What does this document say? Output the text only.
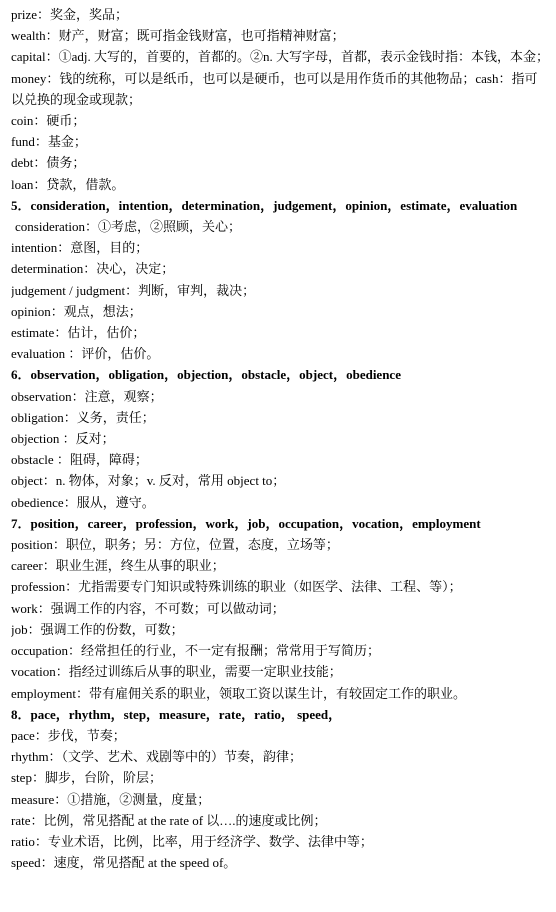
prize：奖金，奖品；
wealth：财产，财富；既可指金钱财富，也可指精神财富；
capital：①adj. 大写的，首要的，首都的。②n. 大写字母，首都，表示金钱时指：本钱，本金；
money：钱的统称，可以是纸币，也可以是硬币，也可以是用作货币的其他物品；cash：指可以兑换的现金或现款；
coin：硬币；
fund：基金；
debt：债务；
loan：贷款，借款。
5．consideration，intention，determination，judgement，opinion，estimate，evaluation
consideration：①考虑，②照顾，关心；
intention：意图，目的；
determination：决心，决定；
judgement / judgment：判断，审判，裁决；
opinion：观点，想法；
estimate：估计，估价；
evaluation ：评价，估价。
6．observation，obligation，objection，obstacle，object，obedience
observation：注意，观察；
obligation：义务，责任；
objection ：反对；
obstacle ：阻碍，障碍；
object：n. 物体，对象；v. 反对，常用 object to；
obedience：服从，遵守。
7．position，career，profession，work，job，occupation，vocation，employment
position：职位，职务；另：方位，位置，态度，立场等；
career：职业生涯，终生从事的职业；
profession：尤指需要专门知识或特殊训练的职业（如医学、法律、工程、等）；
work：强调工作的内容，不可数；可以做动词；
job：强调工作的份数，可数；
occupation：经常担任的行业，不一定有报酬；常常用于写简历；
vocation：指经过训练后从事的职业，需要一定职业技能；
employment：带有雇佣关系的职业，领取工资以谋生计，有较固定工作的职业。
8．pace，rhythm，step，measure，rate，ratio， speed，
pace：步伐，节奏；
rhythm：（文学、艺术、戏剧等中的）节奏，韵律；
step：脚步，台阶，阶层；
measure：①措施，②测量，度量；
rate：比例，常见搭配 at the rate of 以….的速度或比例；
ratio：专业术语，比例，比率，用于经济学、数学、法律中等；
speed：速度，常见搭配 at the speed of。
